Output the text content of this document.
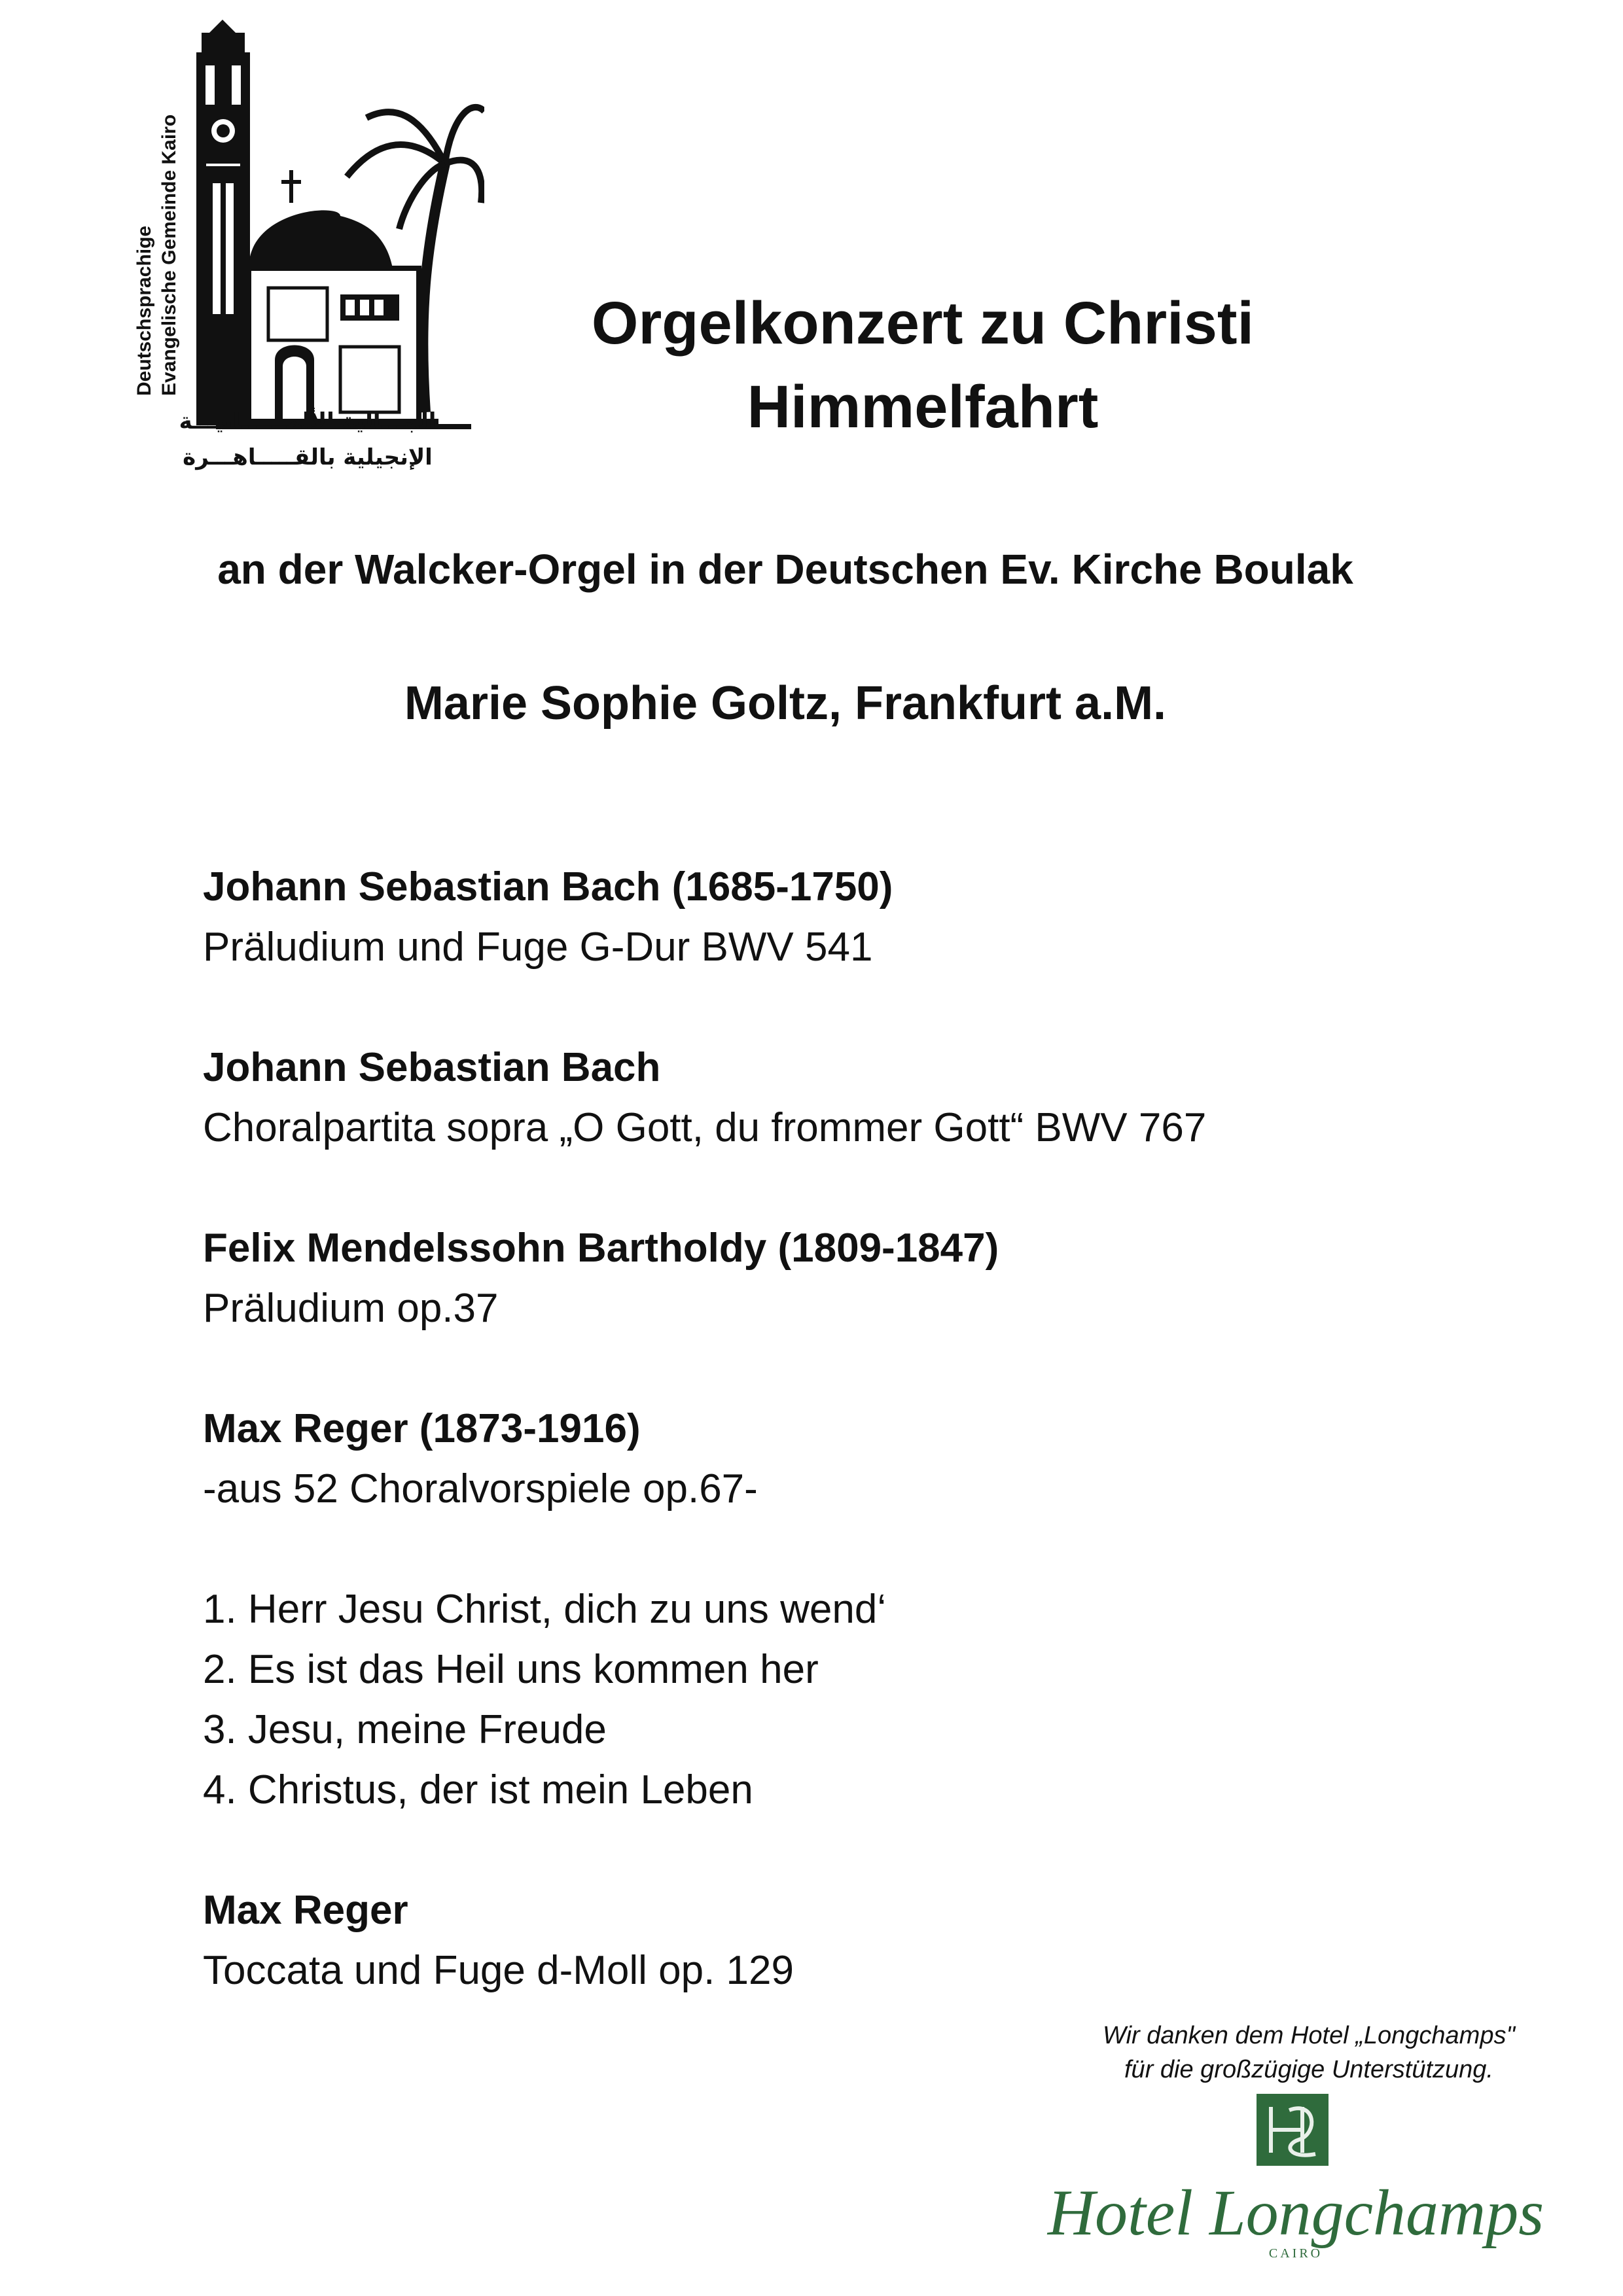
Deutschsprachige Evangelische Gemeinde Kairo
الجـــالية الألمــــــانيـــة
الإنجيلية بالقـــــاهـــرة
Orgelkonzert zu Christi
Himmelfahrt
an der Walcker-Orgel in der Deutschen Ev. Kirche Boulak
Marie Sophie Goltz, Frankfurt a.M.
Johann Sebastian Bach (1685-1750)
Präludium und Fuge G-Dur BWV 541
Johann Sebastian Bach
Choralpartita sopra „O Gott, du frommer Gott“ BWV 767
Felix Mendelssohn Bartholdy (1809-1847)
Präludium op.37
Max Reger (1873-1916)
-aus 52 Choralvorspiele op.67-
1. Herr Jesu Christ, dich zu uns wend‘
2. Es ist das Heil uns kommen her
3. Jesu, meine Freude
4. Christus, der ist mein Leben
Max Reger
Toccata und Fuge d-Moll op. 129
Wir danken dem Hotel „Longchamps"
für die großzügige Unterstützung.
Hotel Longchamps
CAIRO
